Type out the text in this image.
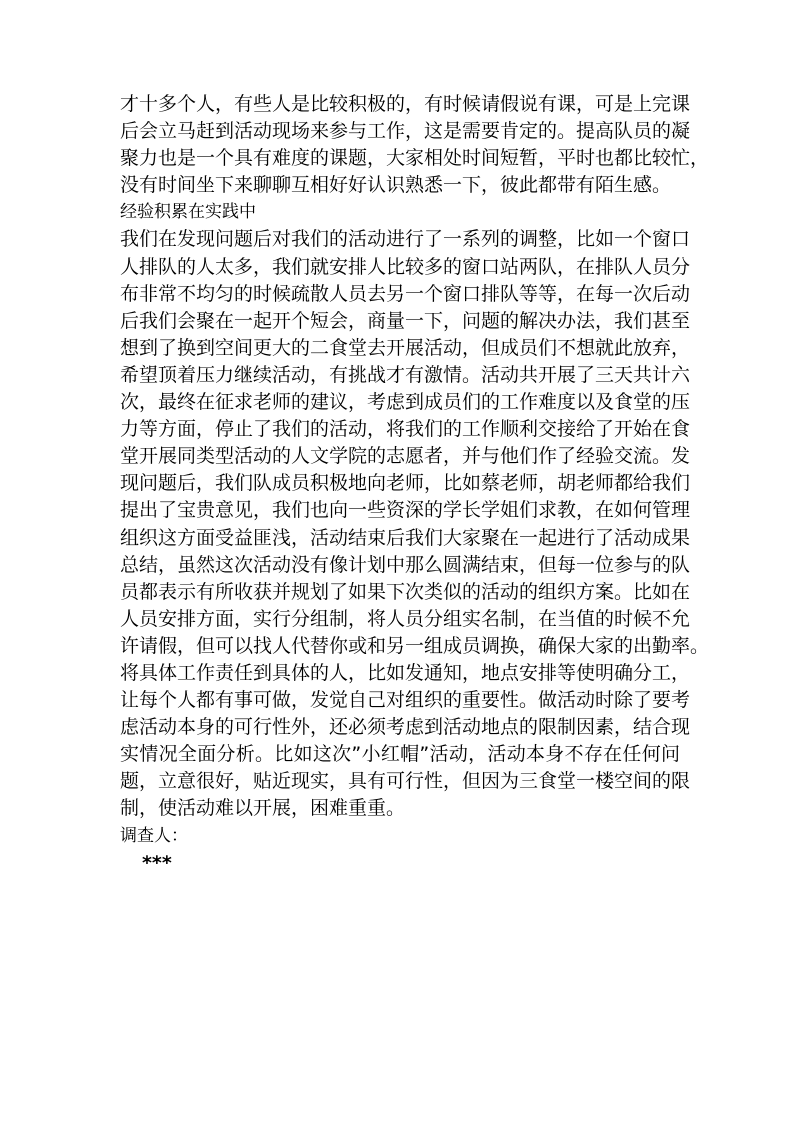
才十多个人，有些人是比较积极的，有时候请假说有课，可是上完课
后会立马赶到活动现场来参与工作，这是需要肯定的。提高队员的凝
聚力也是一个具有难度的课题，大家相处时间短暂，平时也都比较忙，
没有时间坐下来聊聊互相好好认识熟悉一下，彼此都带有陌生感。
经验积累在实践中
我们在发现问题后对我们的活动进行了一系列的调整，比如一个窗口
人排队的人太多，我们就安排人比较多的窗口站两队，在排队人员分
布非常不均匀的时候疏散人员去另一个窗口排队等等，在每一次后动
后我们会聚在一起开个短会，商量一下，问题的解决办法，我们甚至
想到了换到空间更大的二食堂去开展活动，但成员们不想就此放弃，
希望顶着压力继续活动，有挑战才有激情。活动共开展了三天共计六
次，最终在征求老师的建议，考虑到成员们的工作难度以及食堂的压
力等方面，停止了我们的活动，将我们的工作顺利交接给了开始在食
堂开展同类型活动的人文学院的志愿者，并与他们作了经验交流。发
现问题后，我们队成员积极地向老师，比如蔡老师，胡老师都给我们
提出了宝贵意见，我们也向一些资深的学长学姐们求教，在如何管理
组织这方面受益匪浅，活动结束后我们大家聚在一起进行了活动成果
总结，虽然这次活动没有像计划中那么圆满结束，但每一位参与的队
员都表示有所收获并规划了如果下次类似的活动的组织方案。比如在
人员安排方面，实行分组制，将人员分组实名制，在当值的时候不允
许请假，但可以找人代替你或和另一组成员调换，确保大家的出勤率。
将具体工作责任到具体的人，比如发通知，地点安排等使明确分工，
让每个人都有事可做，发觉自己对组织的重要性。做活动时除了要考
虑活动本身的可行性外，还必须考虑到活动地点的限制因素，结合现
实情况全面分析。比如这次”小红帽”活动，活动本身不存在任何问
题，立意很好，贴近现实，具有可行性，但因为三食堂一楼空间的限
制，使活动难以开展，困难重重。
调查人：
***
